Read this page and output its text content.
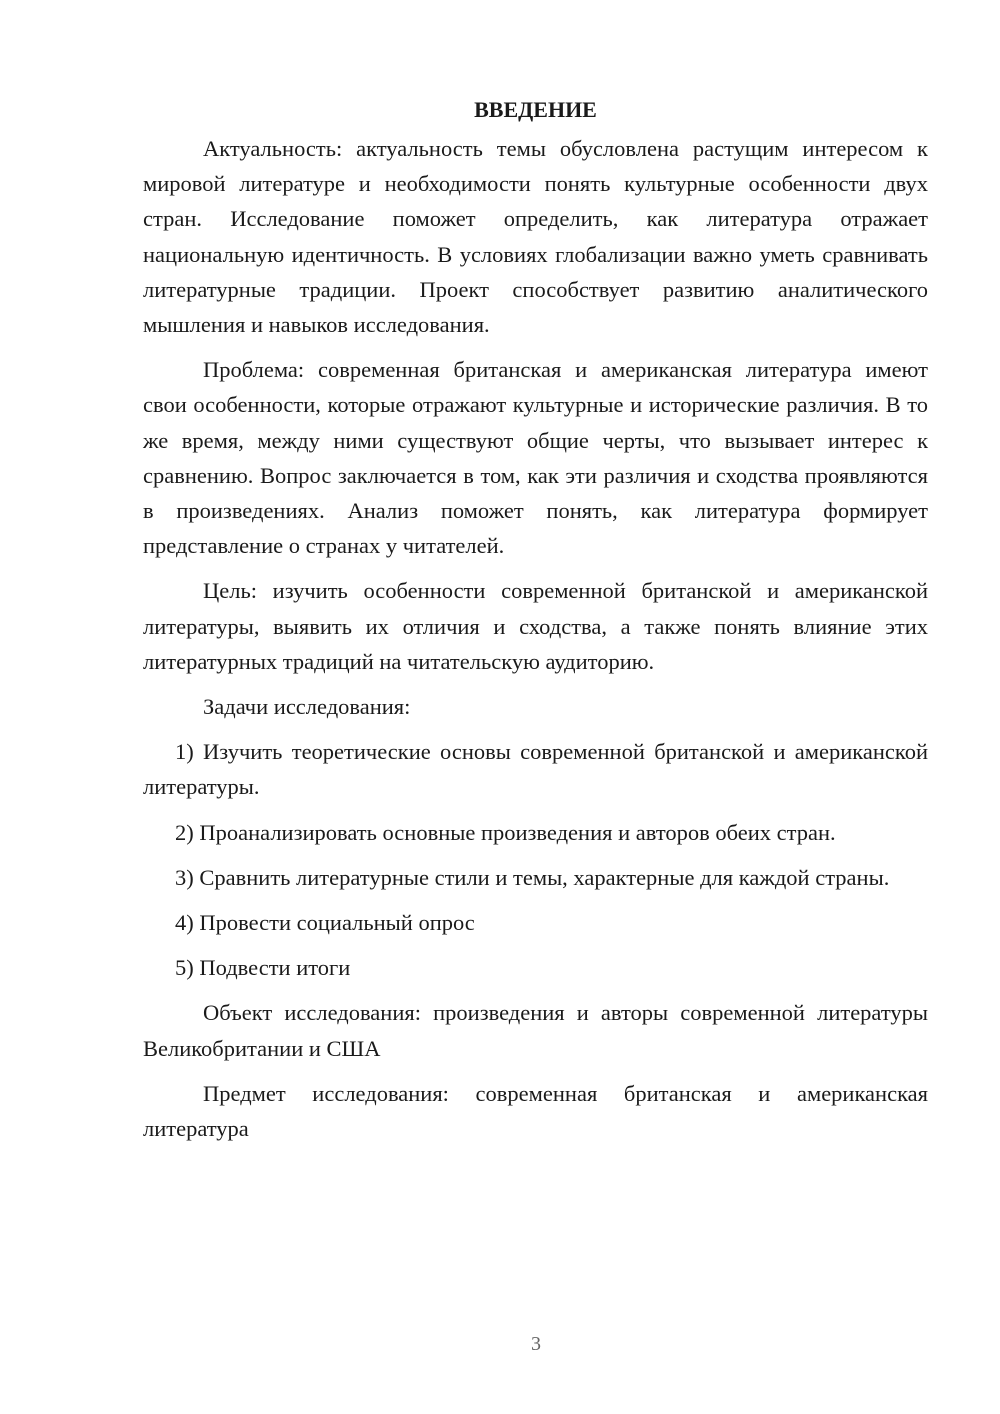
ВВЕДЕНИЕ

Актуальность: актуальность темы обусловлена растущим интересом к мировой литературе и необходимости понять культурные особенности двух стран. Исследование поможет определить, как литература отражает национальную идентичность. В условиях глобализации важно уметь сравнивать литературные традиции. Проект способствует развитию аналитического мышления и навыков исследования.

Проблема: современная британская и американская литература имеют свои особенности, которые отражают культурные и исторические различия. В то же время, между ними существуют общие черты, что вызывает интерес к сравнению. Вопрос заключается в том, как эти различия и сходства проявляются в произведениях. Анализ поможет понять, как литература формирует представление о странах у читателей.

Цель: изучить особенности современной британской и американской литературы, выявить их отличия и сходства, а также понять влияние этих литературных традиций на читательскую аудиторию.

Задачи исследования:

1) Изучить теоретические основы современной британской и американской литературы.

2) Проанализировать основные произведения и авторов обеих стран.

3) Сравнить литературные стили и темы, характерные для каждой страны.

4) Провести социальный опрос

5) Подвести итоги

Объект исследования: произведения и авторы современной литературы Великобритании и США

Предмет исследования: современная британская и американская литература

3
